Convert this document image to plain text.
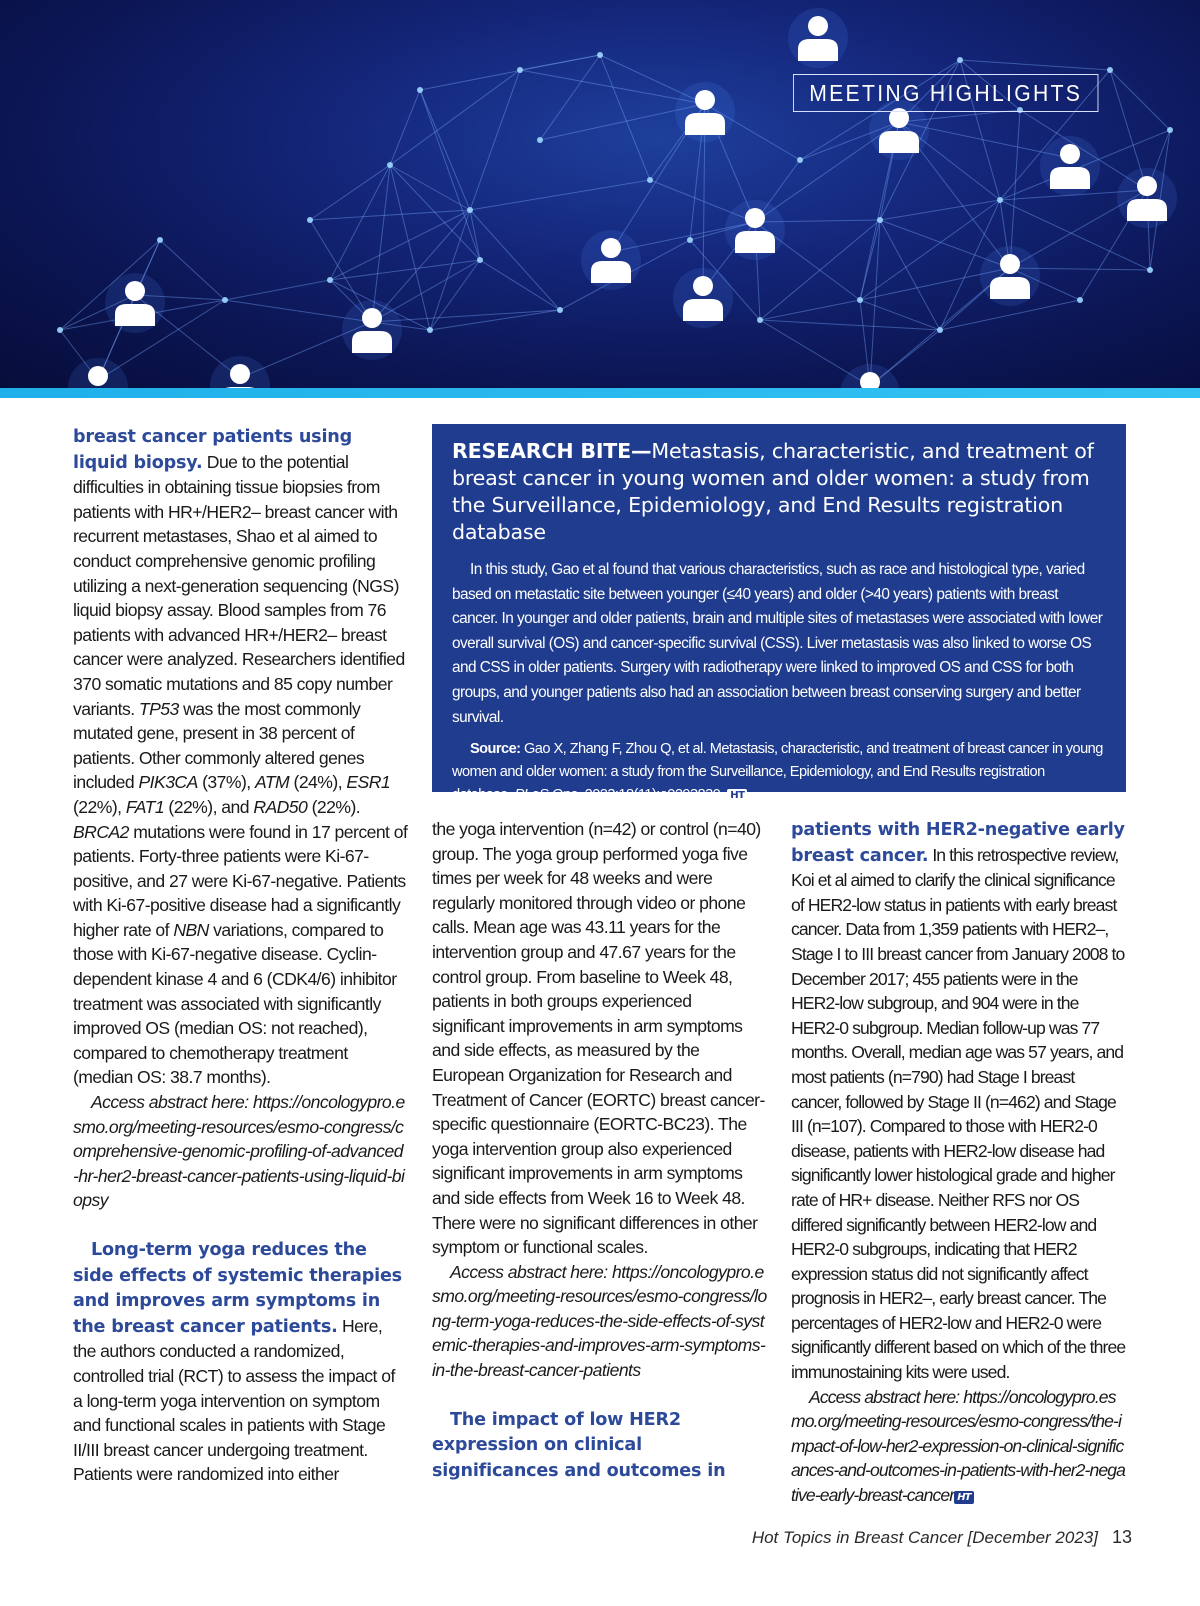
MEETING HIGHLIGHTS

breast cancer patients using liquid biopsy. Due to the potential difficulties in obtaining tissue biopsies from patients with HR+/HER2– breast cancer with recurrent metastases, Shao et al aimed to conduct comprehensive genomic profiling utilizing a next-generation sequencing (NGS) liquid biopsy assay. Blood samples from 76 patients with advanced HR+/HER2– breast cancer were analyzed. Researchers identified 370 somatic mutations and 85 copy number variants. TP53 was the most commonly mutated gene, present in 38 percent of patients. Other commonly altered genes included PIK3CA (37%), ATM (24%), ESR1 (22%), FAT1 (22%), and RAD50 (22%). BRCA2 mutations were found in 17 percent of patients. Forty-three patients were Ki-67-positive, and 27 were Ki-67-negative. Patients with Ki-67-positive disease had a significantly higher rate of NBN variations, compared to those with Ki-67-negative disease. Cyclin-dependent kinase 4 and 6 (CDK4/6) inhibitor treatment was associated with significantly improved OS (median OS: not reached), compared to chemotherapy treatment (median OS: 38.7 months).

Access abstract here: https://oncologypro.esmo.org/meeting-resources/esmo-congress/comprehensive-genomic-profiling-of-advanced-hr-her2-breast-cancer-patients-using-liquid-biopsy

Long-term yoga reduces the side effects of systemic therapies and improves arm symptoms in the breast cancer patients. Here, the authors conducted a randomized, controlled trial (RCT) to assess the impact of a long-term yoga intervention on symptom and functional scales in patients with Stage II/III breast cancer undergoing treatment. Patients were randomized into either

RESEARCH BITE—Metastasis, characteristic, and treatment of breast cancer in young women and older women: a study from the Surveillance, Epidemiology, and End Results registration database

In this study, Gao et al found that various characteristics, such as race and histological type, varied based on metastatic site between younger (≤40 years) and older (>40 years) patients with breast cancer. In younger and older patients, brain and multiple sites of metastases were associated with lower overall survival (OS) and cancer-specific survival (CSS). Liver metastasis was also linked to worse OS and CSS in older patients. Surgery with radiotherapy were linked to improved OS and CSS for both groups, and younger patients also had an association between breast conserving surgery and better survival.

Source: Gao X, Zhang F, Zhou Q, et al. Metastasis, characteristic, and treatment of breast cancer in young women and older women: a study from the Surveillance, Epidemiology, and End Results registration database. PLoS One. 2023;18(11):e0293830. HT

the yoga intervention (n=42) or control (n=40) group. The yoga group performed yoga five times per week for 48 weeks and were regularly monitored through video or phone calls. Mean age was 43.11 years for the intervention group and 47.67 years for the control group. From baseline to Week 48, patients in both groups experienced significant improvements in arm symptoms and side effects, as measured by the European Organization for Research and Treatment of Cancer (EORTC) breast cancer-specific questionnaire (EORTC-BC23). The yoga intervention group also experienced significant improvements in arm symptoms and side effects from Week 16 to Week 48. There were no significant differences in other symptom or functional scales.

Access abstract here: https://oncologypro.esmo.org/meeting-resources/esmo-congress/long-term-yoga-reduces-the-side-effects-of-systemic-therapies-and-improves-arm-symptoms-in-the-breast-cancer-patients

The impact of low HER2 expression on clinical significances and outcomes in

patients with HER2-negative early breast cancer. In this retrospective review, Koi et al aimed to clarify the clinical significance of HER2-low status in patients with early breast cancer. Data from 1,359 patients with HER2–, Stage I to III breast cancer from January 2008 to December 2017; 455 patients were in the HER2-low subgroup, and 904 were in the HER2-0 subgroup. Median follow-up was 77 months. Overall, median age was 57 years, and most patients (n=790) had Stage I breast cancer, followed by Stage II (n=462) and Stage III (n=107). Compared to those with HER2-0 disease, patients with HER2-low disease had significantly lower histological grade and higher rate of HR+ disease. Neither RFS nor OS differed significantly between HER2-low and HER2-0 subgroups, indicating that HER2 expression status did not significantly affect prognosis in HER2–, early breast cancer. The percentages of HER2-low and HER2-0 were significantly different based on which of the three immunostaining kits were used.

Access abstract here: https://oncologypro.esmo.org/meeting-resources/esmo-congress/the-impact-of-low-her2-expression-on-clinical-significances-and-outcomes-in-patients-with-her2-negative-early-breast-cancer HT

Hot Topics in Breast Cancer [December 2023] 13
